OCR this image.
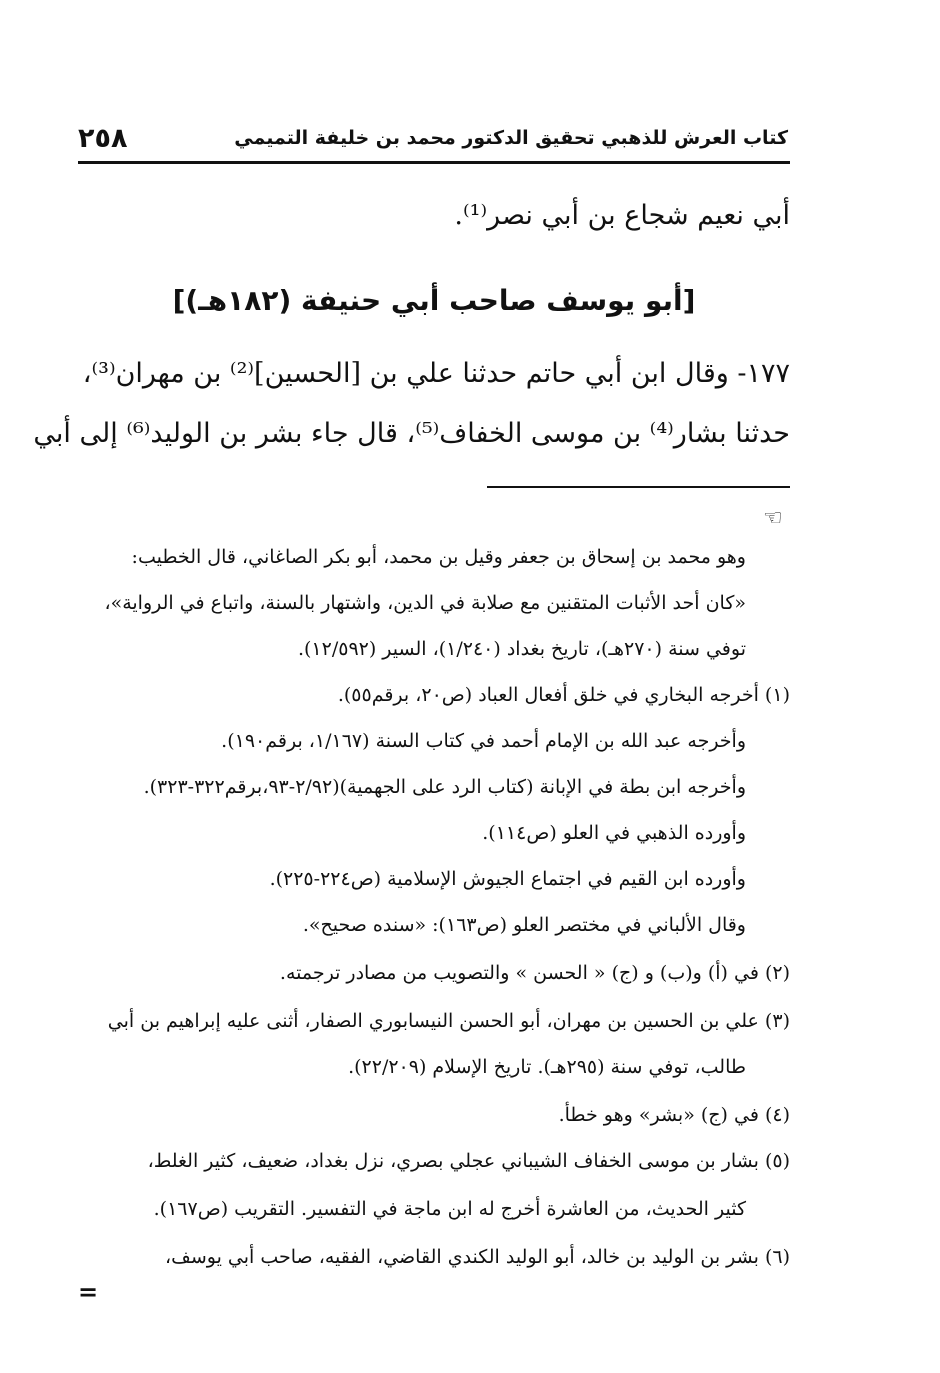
٢٥٨	كتاب العرش للذهبي تحقيق الدكتور محمد بن خليفة التميمي
أبي نعيم شجاع بن أبي نصر⁽¹⁾.
١٧٧- وقال ابن أبي حاتم حدثنا علي بن [الحسين]⁽²⁾ بن مهران⁽³⁾،
حدثنا بشار⁽⁴⁾ بن موسى الخفاف⁽⁵⁾، قال جاء بشر بن الوليد⁽⁶⁾ إلى أبي
[أبو يوسف صاحب أبي حنيفة (١٨٢هـ)]
☜
وهو محمد بن إسحاق بن جعفر وقيل بن محمد، أبو بكر الصاغاني، قال الخطيب:
«كان أحد الأثبات المتقنين مع صلابة في الدين، واشتهار بالسنة، واتباع في الرواية»،
توفي سنة (٢٧٠هـ)، تاريخ بغداد (١/٢٤٠)، السير (١٢/٥٩٢).
(١) أخرجه البخاري في خلق أفعال العباد (ص٢٠، برقم٥٥).
وأخرجه عبد الله بن الإمام أحمد في كتاب السنة (١/١٦٧، برقم١٩٠).
وأخرجه ابن بطة في الإبانة (كتاب الرد على الجهمية)(٢/٩٢-٩٣،برقم٣٢٢-٣٢٣).
وأورده الذهبي في العلو (ص١١٤).
وأورده ابن القيم في اجتماع الجيوش الإسلامية (ص٢٢٤-٢٢٥).
وقال الألباني في مختصر العلو (ص١٦٣): «سنده صحيح».
(٢) في (أ) و(ب) و (ج) « الحسن » والتصويب من مصادر ترجمته.
(٣) علي بن الحسين بن مهران، أبو الحسن النيسابوري الصفار، أثنى عليه إبراهيم بن أبي
طالب، توفي سنة (٢٩٥هـ). تاريخ الإسلام (٢٢/٢٠٩).
(٤) في (ج) «بشر» وهو خطأ.
(٥) بشار بن موسى الخفاف الشيباني عجلي بصري، نزل بغداد، ضعيف، كثير الغلط،
كثير الحديث، من العاشرة أخرج له ابن ماجة في التفسير. التقريب (ص١٦٧).
(٦) بشر بن الوليد بن خالد، أبو الوليد الكندي القاضي، الفقيه، صاحب أبي يوسف،
=
